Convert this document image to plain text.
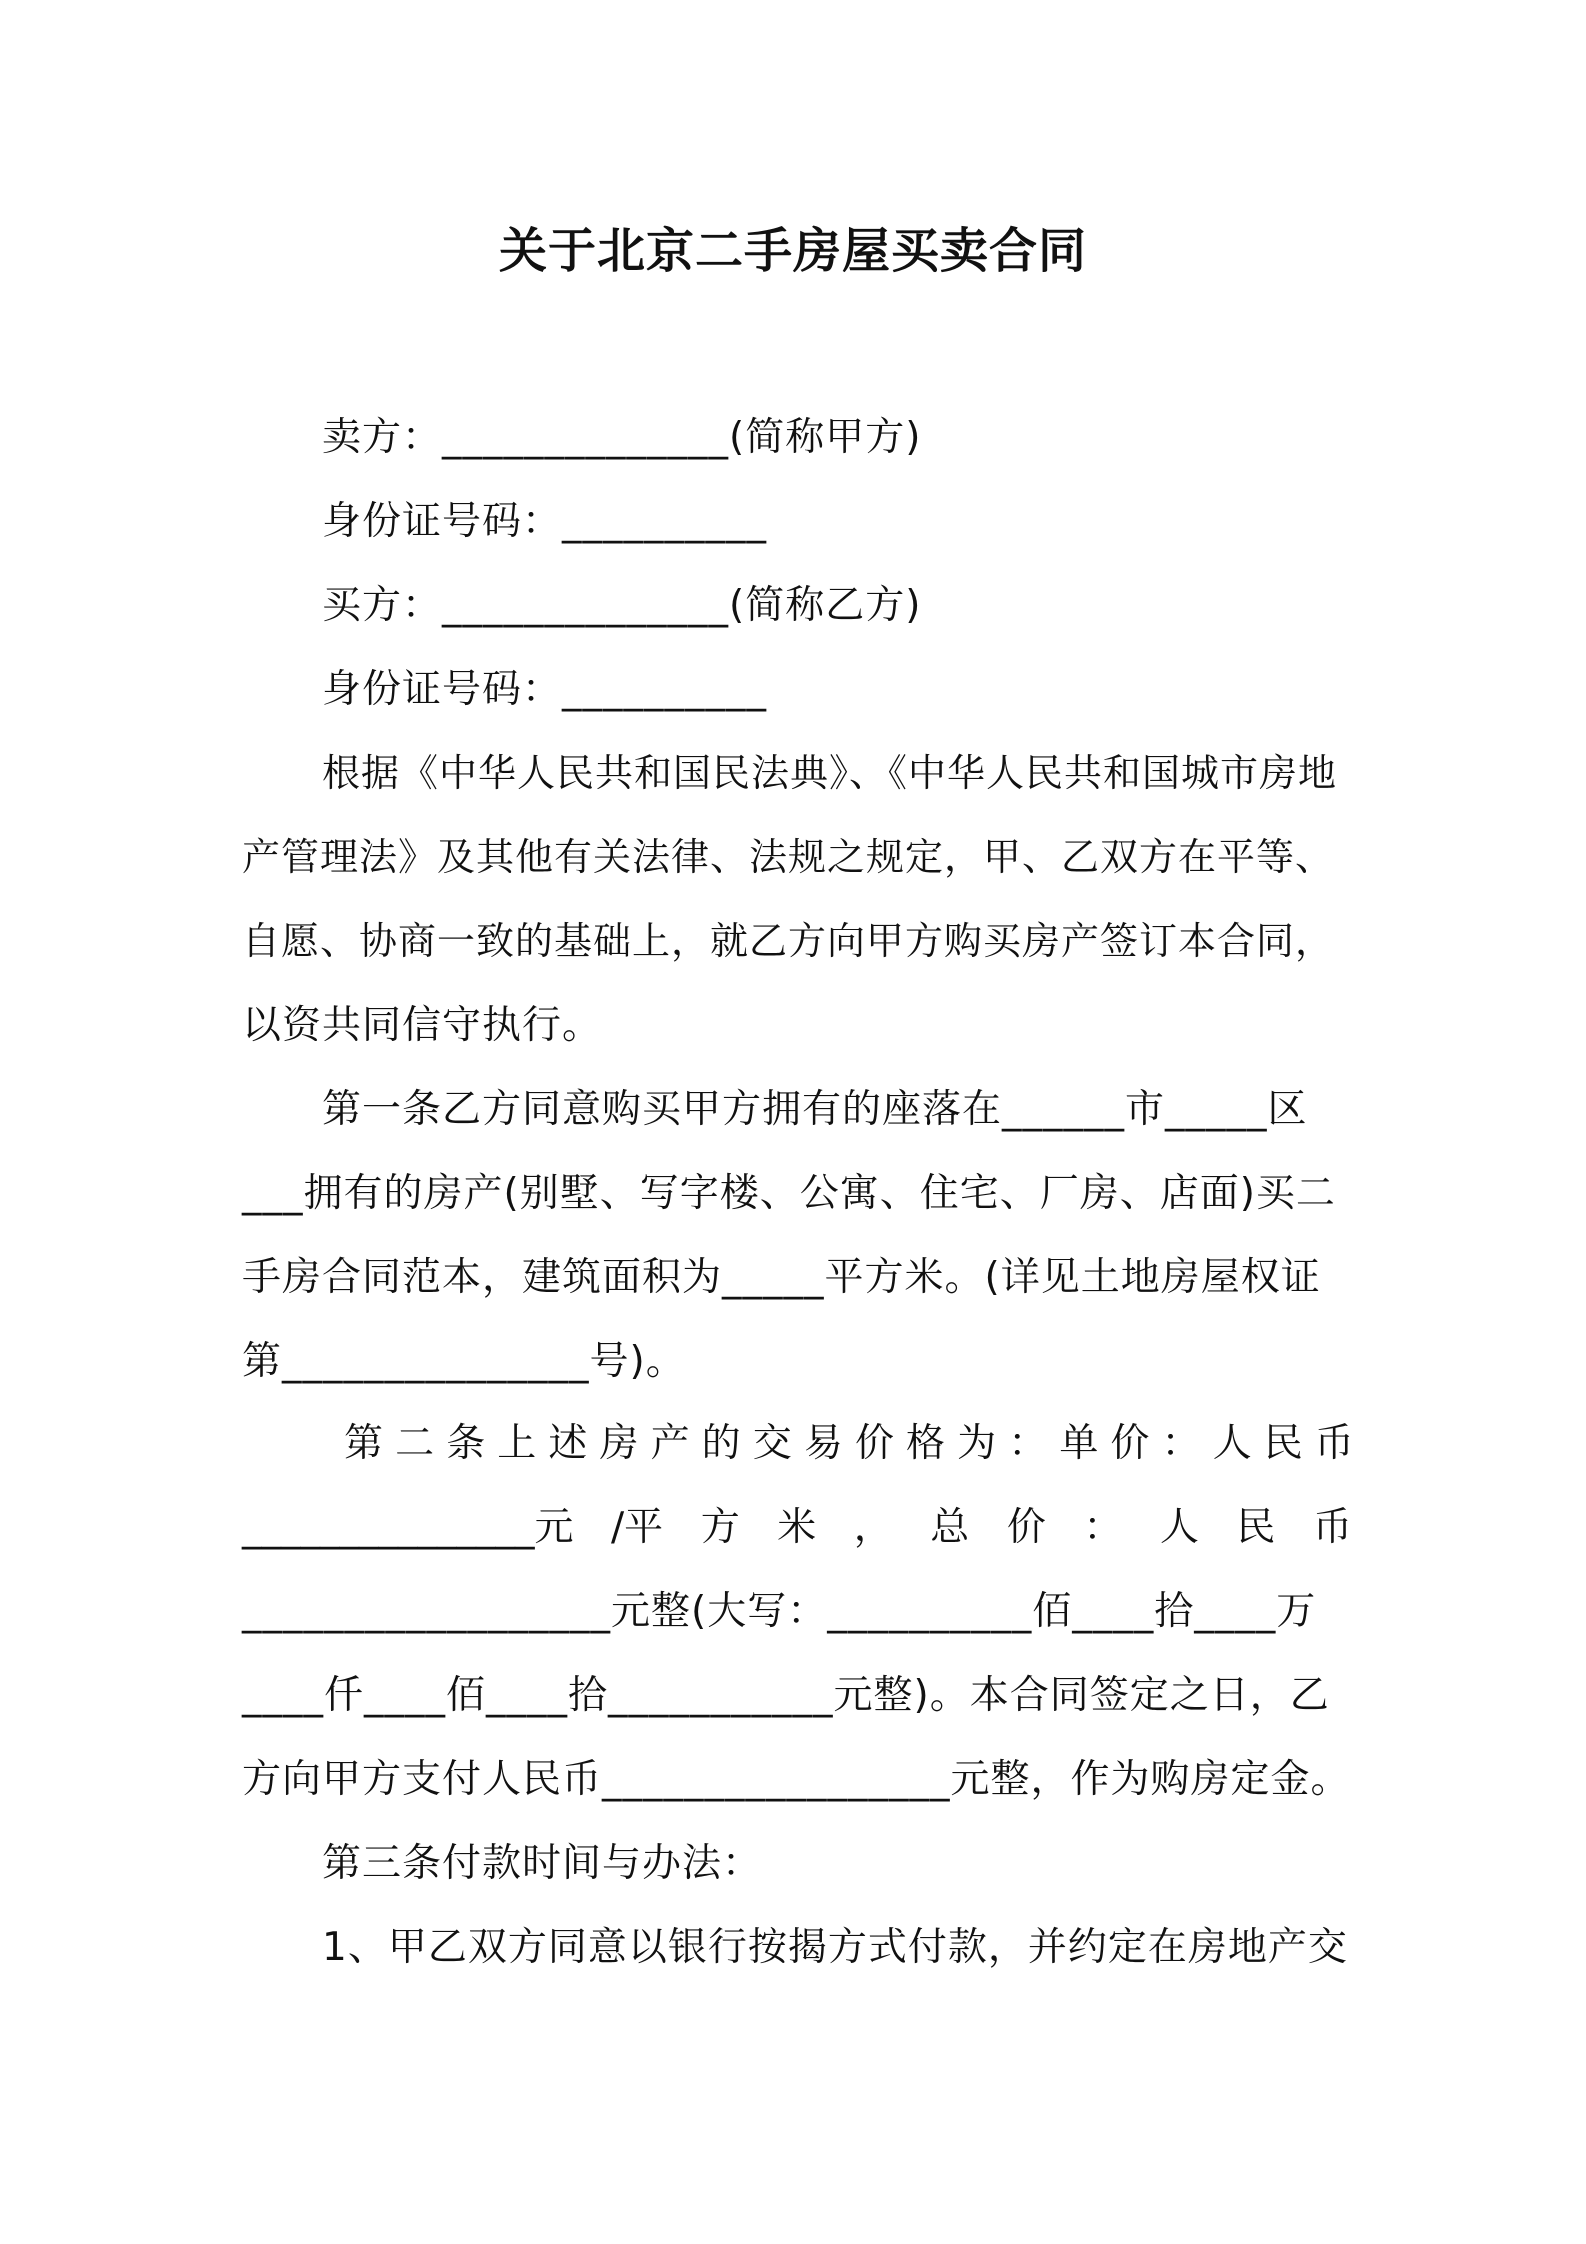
关于北京二手房屋买卖合同
卖方：______________(简称甲方)
身份证号码：__________
买方：______________(简称乙方)
身份证号码：__________
根据《中华人民共和国民法典》、《中华人民共和国城市房地
产管理法》及其他有关法律、法规之规定，甲、乙双方在平等、
自愿、协商一致的基础上，就乙方向甲方购买房产签订本合同，
以资共同信守执行。
第一条乙方同意购买甲方拥有的座落在______市_____区
___拥有的房产(别墅、写字楼、公寓、住宅、厂房、店面)买二
手房合同范本，建筑面积为_____平方米。(详见土地房屋权证
第_______________号)。
第 二 条 上 述 房 产 的 交 易 价 格 为 ： 单 价 ： 人 民 币
_______________元 /平 方 米 ， 总 价 ： 人 民 币
__________________元整(大写：__________佰____拾____万
____仟____佰____拾___________元整)。本合同签定之日，乙
方向甲方支付人民币_________________元整，作为购房定金。
第三条付款时间与办法：
1、甲乙双方同意以银行按揭方式付款，并约定在房地产交
